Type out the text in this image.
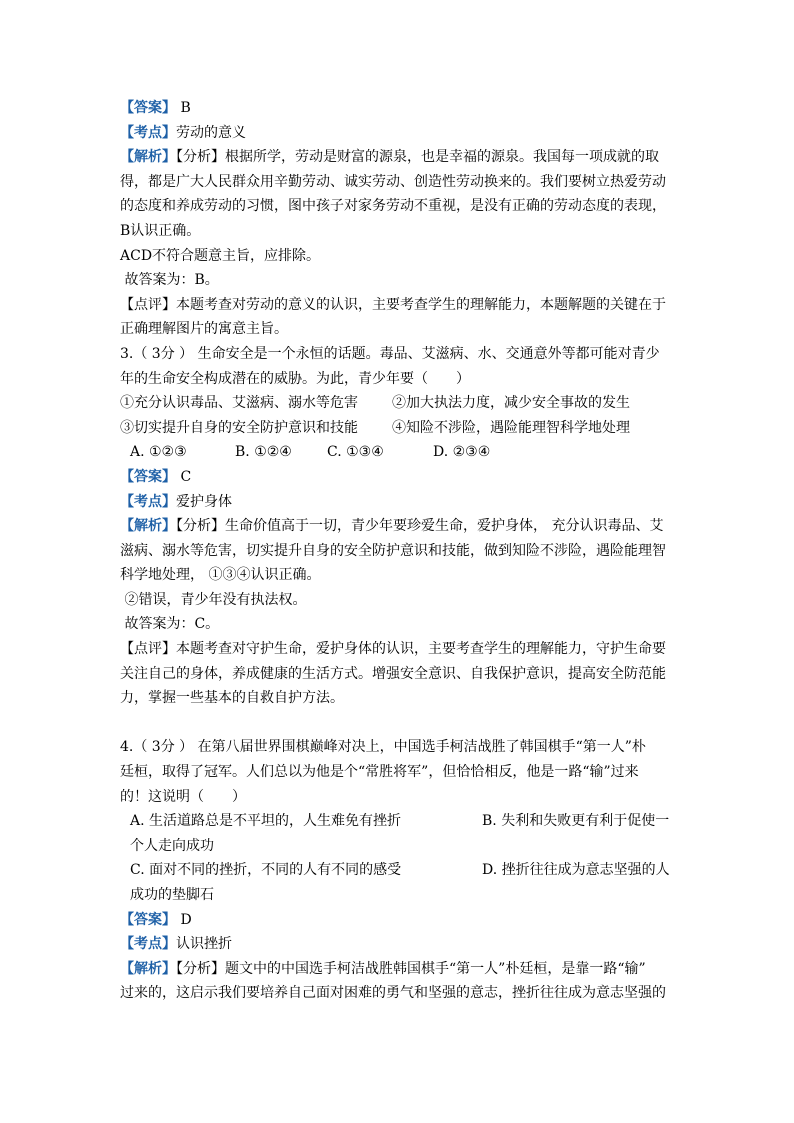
【答案】 B
【考点】劳动的意义
【解析】【分析】根据所学，劳动是财富的源泉，也是幸福的源泉。我国每一项成就的取
得，都是广大人民群众用辛勤劳动、诚实劳动、创造性劳动换来的。我们要树立热爱劳动
的态度和养成劳动的习惯，图中孩子对家务劳动不重视，是没有正确的劳动态度的表现，
B认识正确。
ACD不符合题意主旨，应排除。
故答案为：B。
【点评】本题考查对劳动的意义的认识，主要考查学生的理解能力，本题解题的关键在于
正确理解图片的寓意主旨。
3.（ 3分 ） 生命安全是一个永恒的话题。毒品、艾滋病、水、交通意外等都可能对青少
年的生命安全构成潜在的威胁。为此，青少年要（　　）
①充分认识毒品、艾滋病、溺水等危害	②加大执法力度，减少安全事故的发生
③切实提升自身的安全防护意识和技能	④知险不涉险，遇险能理智科学地处理
A. ①②③	B. ①②④	C. ①③④	D. ②③④
【答案】 C
【考点】爱护身体
【解析】【分析】生命价值高于一切，青少年要珍爱生命，爱护身体， 充分认识毒品、艾
滋病、溺水等危害，切实提升自身的安全防护意识和技能，做到知险不涉险，遇险能理智
科学地处理， ①③④认识正确。
②错误，青少年没有执法权。
故答案为：C。
【点评】本题考查对守护生命，爱护身体的认识，主要考查学生的理解能力，守护生命要
关注自己的身体，养成健康的生活方式。增强安全意识、自我保护意识，提高安全防范能
力，掌握一些基本的自救自护方法。
4.（ 3分 ） 在第八届世界围棋巅峰对决上，中国选手柯洁战胜了韩国棋手“第一人”朴
廷桓，取得了冠军。人们总以为他是个“常胜将军”，但恰恰相反，他是一路“输”过来
的！这说明（　　）
A. 生活道路总是不平坦的，人生难免有挫折	B. 失利和失败更有利于促使一
个人走向成功
C. 面对不同的挫折，不同的人有不同的感受	D. 挫折往往成为意志坚强的人
成功的垫脚石
【答案】 D
【考点】认识挫折
【解析】【分析】题文中的中国选手柯洁战胜韩国棋手“第一人”朴廷桓，是靠一路“输”
过来的，这启示我们要培养自己面对困难的勇气和坚强的意志，挫折往往成为意志坚强的
